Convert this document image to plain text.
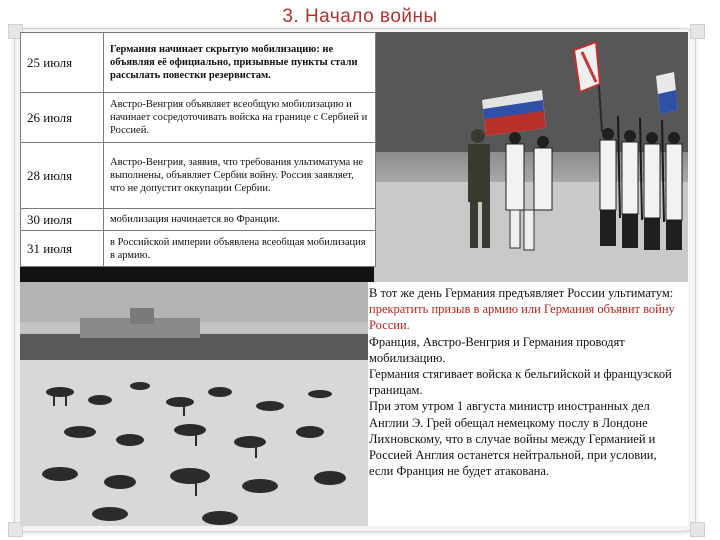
3. Начало войны
25 июля	Германия начинает скрытую мобилизацию: не объявляя её официально, призывные пункты стали рассылать повестки резервистам.
26 июля	Австро-Венгрия объявляет всеобщую мобилизацию и начинает сосредоточивать войска на границе с Сербией и Россией.
28 июля	Австро-Венгрия, заявив, что требования ультиматума не выполнены, объявляет Сербии войну. Россия заявляет, что не допустит оккупации Сербии.
30 июля	мобилизация начинается во Франции.
31 июля	в Российской империи объявлена всеобщая мобилизация в армию.

В тот же день Германия предъявляет России ультиматум:

прекратить призыв в армию или Германия объявит войну России.

Франция, Австро-Венгрия и Германия проводят мобилизацию.

Германия стягивает войска к бельгийской и французской границам.

При этом утром 1 августа министр иностранных дел Англии Э. Грей обещал немецкому послу в Лондоне Лихновскому, что в случае войны между Германией и Россией Англия останется нейтральной, при условии, если Франция не будет атакована.
